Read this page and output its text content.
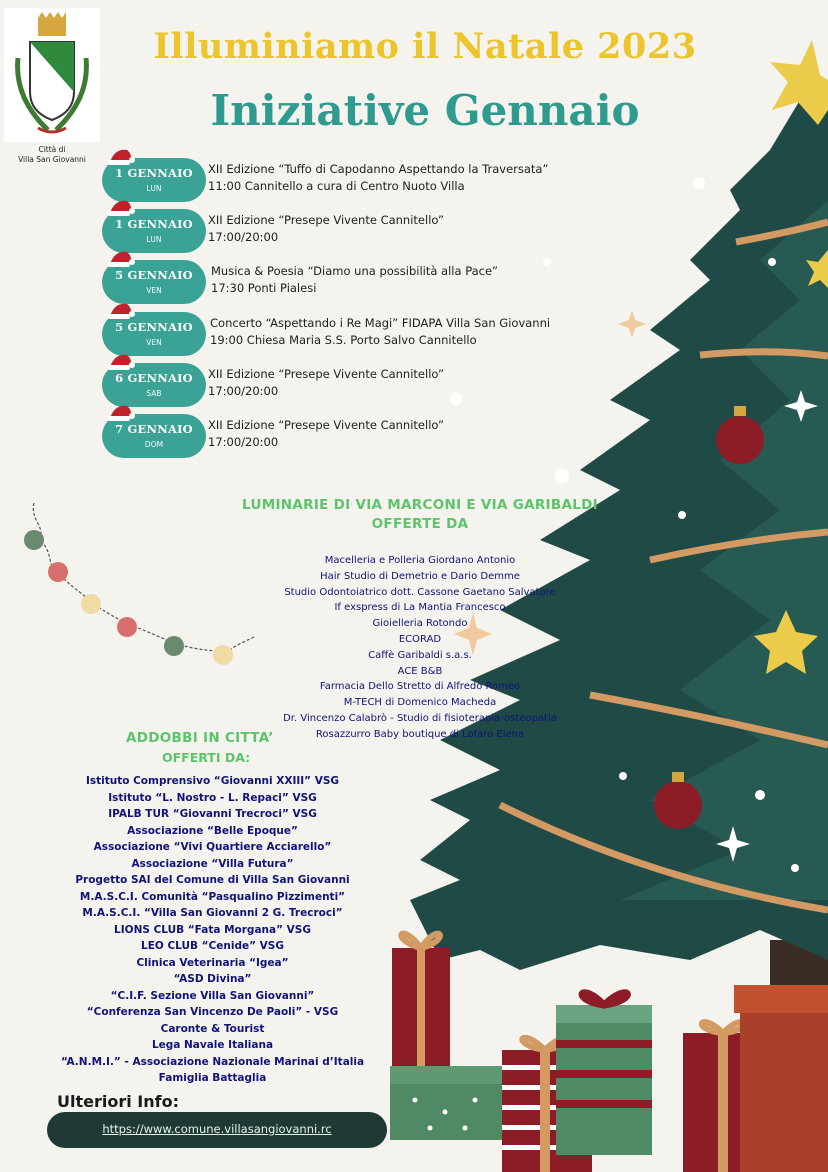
Città di
Villa San Giovanni
Illuminiamo il Natale 2023
Iniziative Gennaio
1 GENNAIO
LUN
XII Edizione “Tuffo di Capodanno Aspettando la Traversata”
11:00 Cannitello a cura di Centro Nuoto Villa
1 GENNAIO
LUN
XII Edizione “Presepe Vivente Cannitello”
17:00/20:00
5 GENNAIO
VEN
Musica & Poesia “Diamo una possibilità alla Pace”
17:30 Ponti Pialesi
5 GENNAIO
VEN
Concerto “Aspettando i Re Magi” FIDAPA Villa San Giovanni
19:00 Chiesa Maria S.S. Porto Salvo Cannitello
6 GENNAIO
SAB
XII Edizione “Presepe Vivente Cannitello”
17:00/20:00
7 GENNAIO
DOM
XII Edizione “Presepe Vivente Cannitello”
17:00/20:00
LUMINARIE DI VIA MARCONI E VIA GARIBALDI
OFFERTE DA
Macelleria e Polleria Giordano Antonio
Hair Studio di Demetrio e Dario Demme
Studio Odontoiatrico dott. Cassone Gaetano Salvatore
If exspress di La Mantia Francesco
Gioielleria Rotondo
ECORAD
Caffè Garibaldi s.a.s.
ACE B&B
Farmacia Dello Stretto di Alfredo Romeo
M-TECH di Domenico Macheda
Dr. Vincenzo Calabrò - Studio di fisioterapia-osteopatia
Rosazzurro Baby boutique di Lofaro Elena
ADDOBBI IN CITTA’
OFFERTI DA:
Istituto Comprensivo “Giovanni XXIII” VSG
Istituto “L. Nostro - L. Repaci” VSG
IPALB TUR “Giovanni Trecroci” VSG
Associazione “Belle Epoque”
Associazione “Vivi Quartiere Acciarello”
Associazione “Villa Futura”
Progetto SAI del Comune di Villa San Giovanni
M.A.S.C.I. Comunità “Pasqualino Pizzimenti”
M.A.S.C.I. “Villa San Giovanni 2 G. Trecroci”
LIONS CLUB “Fata Morgana” VSG
LEO CLUB “Cenide” VSG
Clinica Veterinaria “Igea”
“ASD Divina”
“C.I.F. Sezione Villa San Giovanni”
“Conferenza San Vincenzo De Paoli” - VSG
Caronte & Tourist
Lega Navale Italiana
“A.N.M.I.” - Associazione Nazionale Marinai d’Italia
Famiglia Battaglia
Ulteriori Info:
https://www.comune.villasangiovanni.rc
